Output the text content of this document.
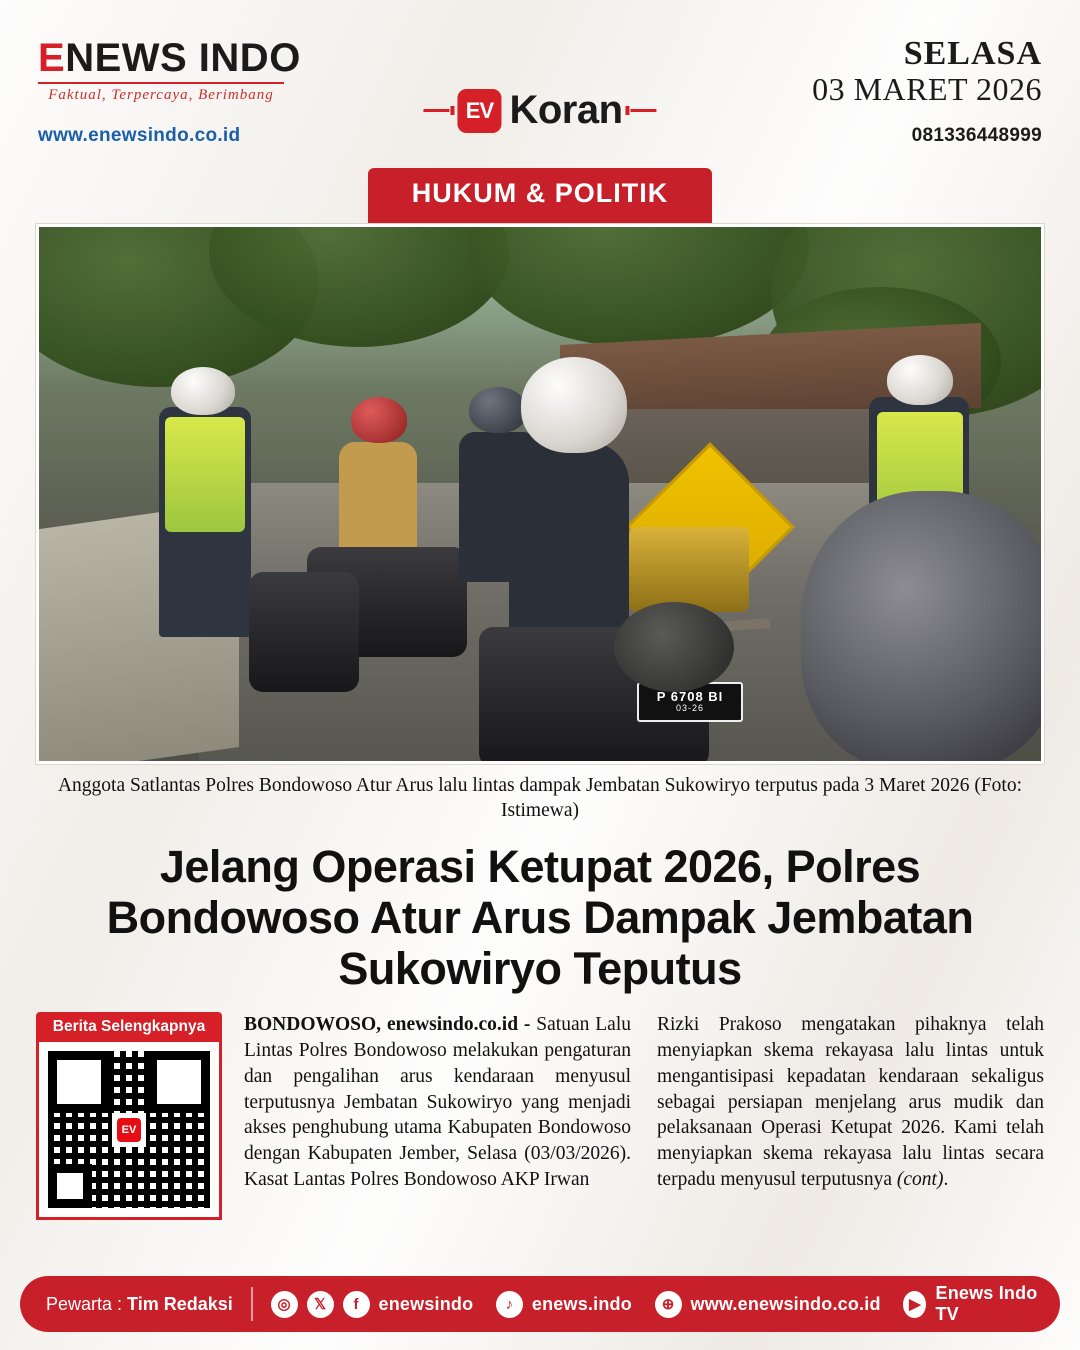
ENEWS INDO
Faktual, Terpercaya, Berimbang
www.enewsindo.co.id
EV Koran
SELASA
03 MARET 2026
081336448999
HUKUM & POLITIK
P 6708 BI
03-26
Anggota Satlantas Polres Bondowoso Atur Arus lalu lintas dampak Jembatan Sukowiryo terputus pada 3 Maret 2026 (Foto: Istimewa)
Jelang Operasi Ketupat 2026, Polres Bondowoso Atur Arus Dampak Jembatan Sukowiryo Teputus
Berita Selengkapnya
EV
BONDOWOSO, enewsindo.co.id - Satuan Lalu Lintas Polres Bondowoso melakukan pengaturan dan pengalihan arus kendaraan menyusul terputusnya Jembatan Sukowiryo yang menjadi akses penghubung utama Kabupaten Bondowoso dengan Kabupaten Jember, Selasa (03/03/2026). Kasat Lantas Polres Bondowoso AKP Irwan
Rizki Prakoso mengatakan pihaknya telah menyiapkan skema rekayasa lalu lintas untuk mengantisipasi kepadatan kendaraan sekaligus sebagai persiapan menjelang arus mudik dan pelaksanaan Operasi Ketupat 2026. Kami telah menyiapkan skema rekayasa lalu lintas secara terpadu menyusul terputusnya (cont).
Pewarta : Tim Redaksi	◎	𝕏	f	enewsindo	♪	enews.indo	⊕ www.enewsindo.co.id	▶
Enews Indo TV
